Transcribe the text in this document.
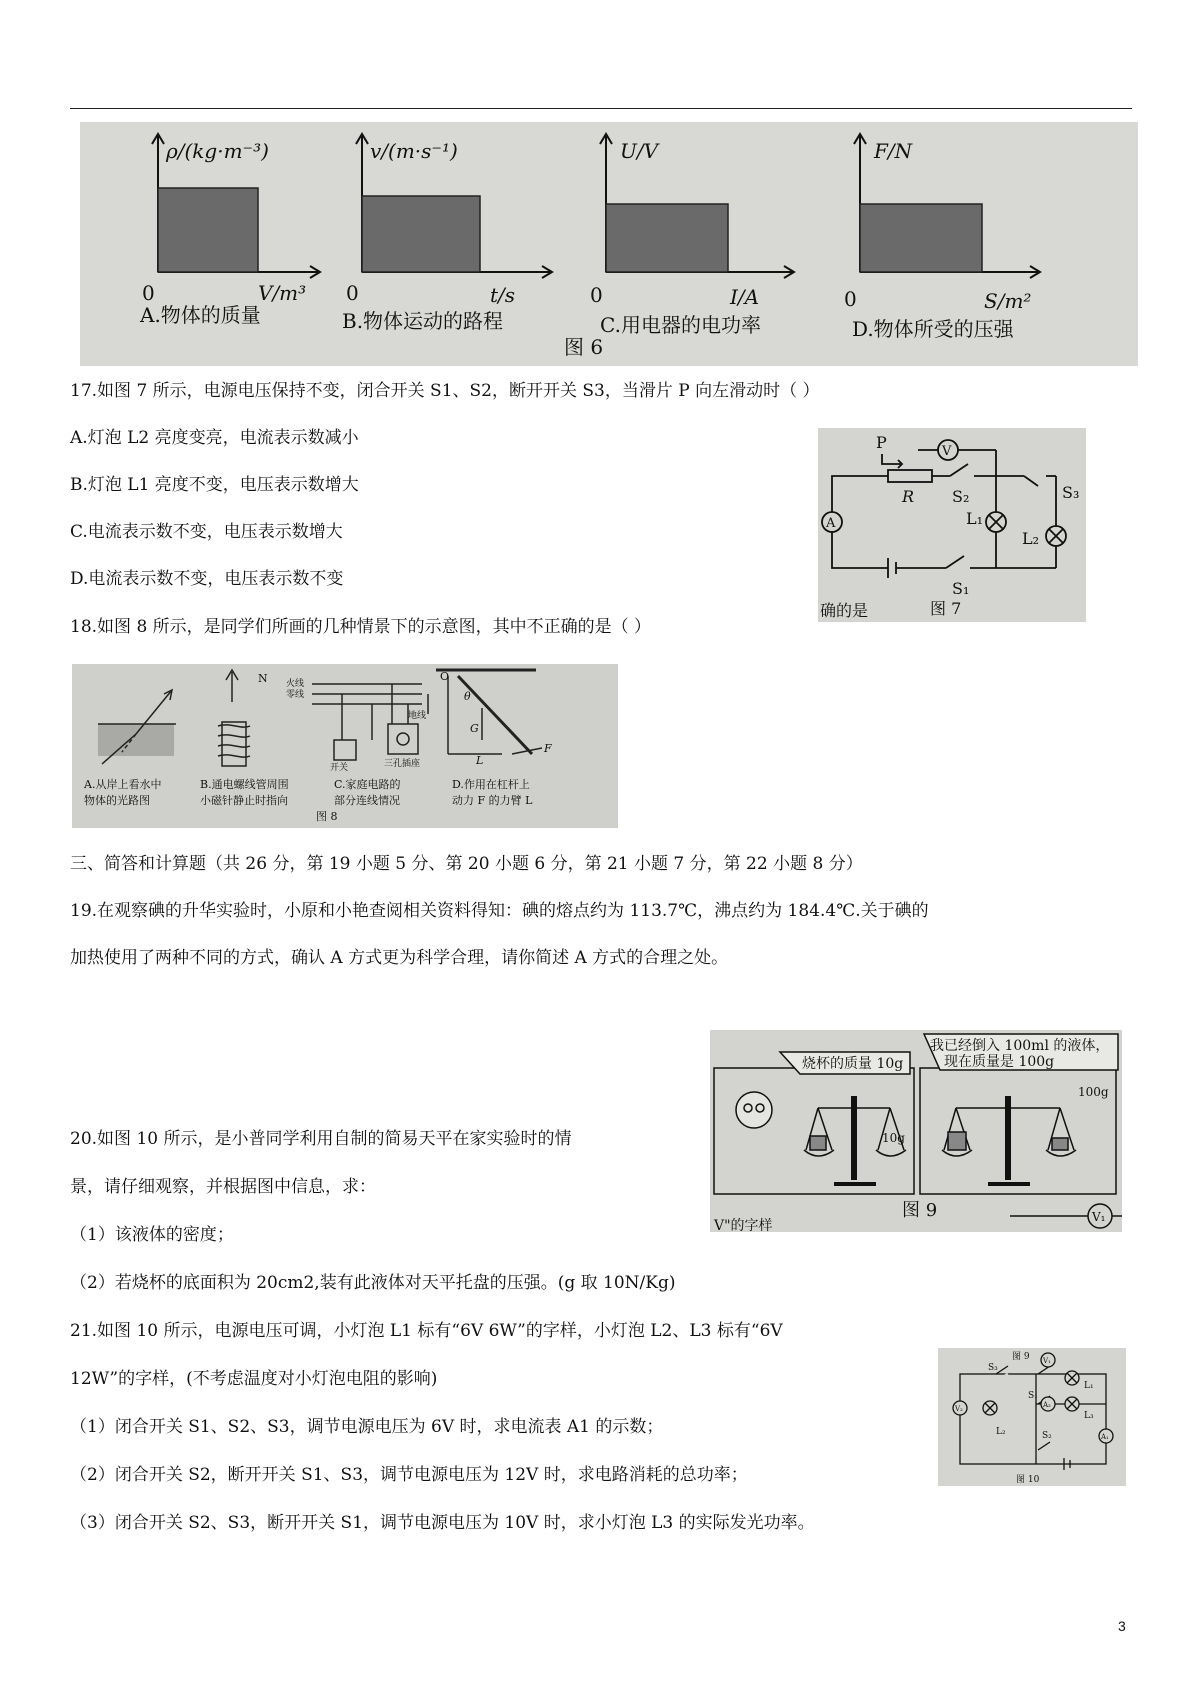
ρ/(kg·m⁻³)
0	V/m³
A.物体的质量
v/(m·s⁻¹)
0	t/s
B.物体运动的路程
U/V
0	I/A
C.用电器的电功率
F/N
0	S/m²
D.物体所受的压强
图 6
17.如图 7 所示，电源电压保持不变，闭合开关 S1、S2，断开开关 S3，当滑片 P 向左滑动时（ ）
A.灯泡 L2 亮度变亮，电流表示数减小
B.灯泡 L1 亮度不变，电压表示数增大
C.电流表示数不变，电压表示数增大
D.电流表示数不变，电压表示数不变
P	V
A
R S₂	S₃
L₁
L₂
S₁
确的是	图 7
18.如图 8 所示，是同学们所画的几种情景下的示意图，其中不正确的是（ ）
N	O
F
L
G
θ
火线
零线
地线
开关	三孔插座
A.从岸上看水中
物体的光路图
B.通电螺线管周围
小磁针静止时指向
C.家庭电路的
部分连线情况
D.作用在杠杆上
动力 F 的力臂 L
图 8
三、简答和计算题（共 26 分，第 19 小题 5 分、第 20 小题 6 分，第 21 小题 7 分，第 22 小题 8 分）
19.在观察碘的升华实验时，小原和小艳查阅相关资料得知：碘的熔点约为 113.7℃，沸点约为 184.4℃.关于碘的
加热使用了两种不同的方式，确认 A 方式更为科学合理，请你简述 A 方式的合理之处。
烧杯的质量 10g
我已经倒入 100ml 的液体，
现在质量是 100g
10g
100g
图 9
V"的字样
V₁
20.如图 10 所示，是小普同学利用自制的简易天平在家实验时的情
景，请仔细观察，并根据图中信息，求：
（1）该液体的密度；
（2）若烧杯的底面积为 20cm2,装有此液体对天平托盘的压强。(g 取 10N/Kg)
21.如图 10 所示，电源电压可调，小灯泡 L1 标有“6V 6W”的字样，小灯泡 L2、L3 标有“6V
12W”的字样，(不考虑温度对小灯泡电阻的影响)
（1）闭合开关 S1、S2、S3，调节电源电压为 6V 时，求电流表 A1 的示数；
（2）闭合开关 S2，断开开关 S1、S3，调节电源电压为 12V 时，求电路消耗的总功率；
（3）闭合开关 S2、S3，断开开关 S1，调节电源电压为 10V 时，求小灯泡 L3 的实际发光功率。
图 9
S₃
S₁
S₂
V₁
V₂
A₁
A₂
L₁
L₂
L₃
图 10
3
